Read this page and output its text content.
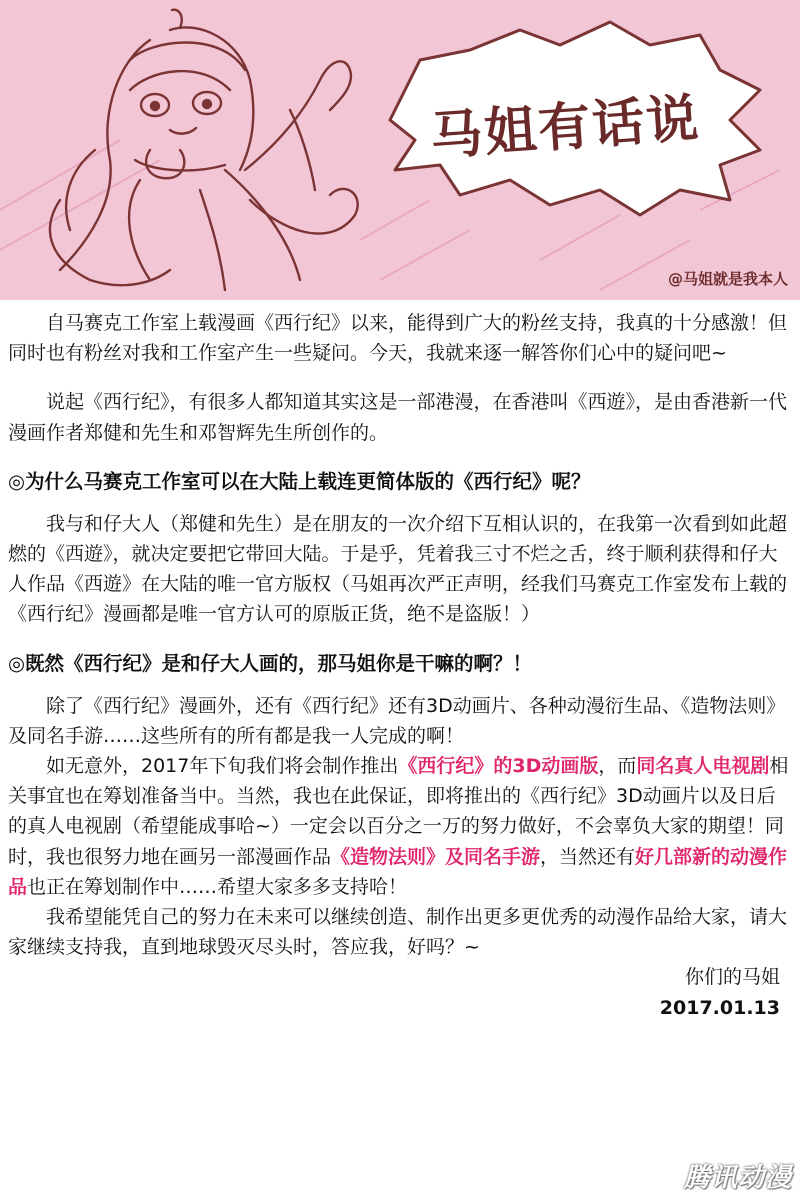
马姐有话说
@马姐就是我本人

自马赛克工作室上载漫画《西行纪》以来，能得到广大的粉丝支持，我真的十分感激！但同时也有粉丝对我和工作室产生一些疑问。今天，我就来逐一解答你们心中的疑问吧~

说起《西行纪》，有很多人都知道其实这是一部港漫，在香港叫《西遊》，是由香港新一代漫画作者郑健和先生和邓智辉先生所创作的。

◎为什么马赛克工作室可以在大陆上载连更简体版的《西行纪》呢？

我与和仔大人（郑健和先生）是在朋友的一次介绍下互相认识的，在我第一次看到如此超燃的《西遊》，就决定要把它带回大陆。于是乎，凭着我三寸不烂之舌，终于顺利获得和仔大人作品《西遊》在大陆的唯一官方版权（马姐再次严正声明，经我们马赛克工作室发布上载的《西行纪》漫画都是唯一官方认可的原版正货，绝不是盗版！）

◎既然《西行纪》是和仔大人画的，那马姐你是干嘛的啊？！

除了《西行纪》漫画外，还有《西行纪》还有3D动画片、各种动漫衍生品、《造物法则》及同名手游……这些所有的所有都是我一人完成的啊！

如无意外，2017年下旬我们将会制作推出《西行纪》的3D动画版，而同名真人电视剧相关事宜也在筹划准备当中。当然，我也在此保证，即将推出的《西行纪》3D动画片以及日后的真人电视剧（希望能成事哈~）一定会以百分之一万的努力做好，不会辜负大家的期望！同时，我也很努力地在画另一部漫画作品《造物法则》及同名手游，当然还有好几部新的动漫作品也正在筹划制作中……希望大家多多支持哈！

我希望能凭自己的努力在未来可以继续创造、制作出更多更优秀的动漫作品给大家，请大家继续支持我，直到地球毁灭尽头时，答应我，好吗？~

你们的马姐

2017.01.13

腾讯动漫
